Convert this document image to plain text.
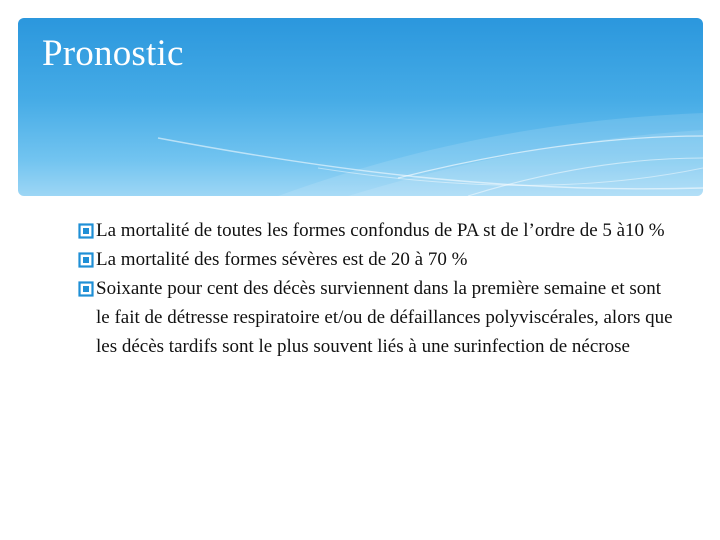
Pronostic

La mortalité de toutes les formes confondus de PA st de l’ordre de 5 à10 %

La mortalité des formes sévères est de 20 à 70 %

Soixante pour cent des décès surviennent dans la première semaine et sont le fait de détresse respiratoire et/ou de défaillances polyviscérales, alors que les décès tardifs sont le plus souvent liés à une surinfection de nécrose
